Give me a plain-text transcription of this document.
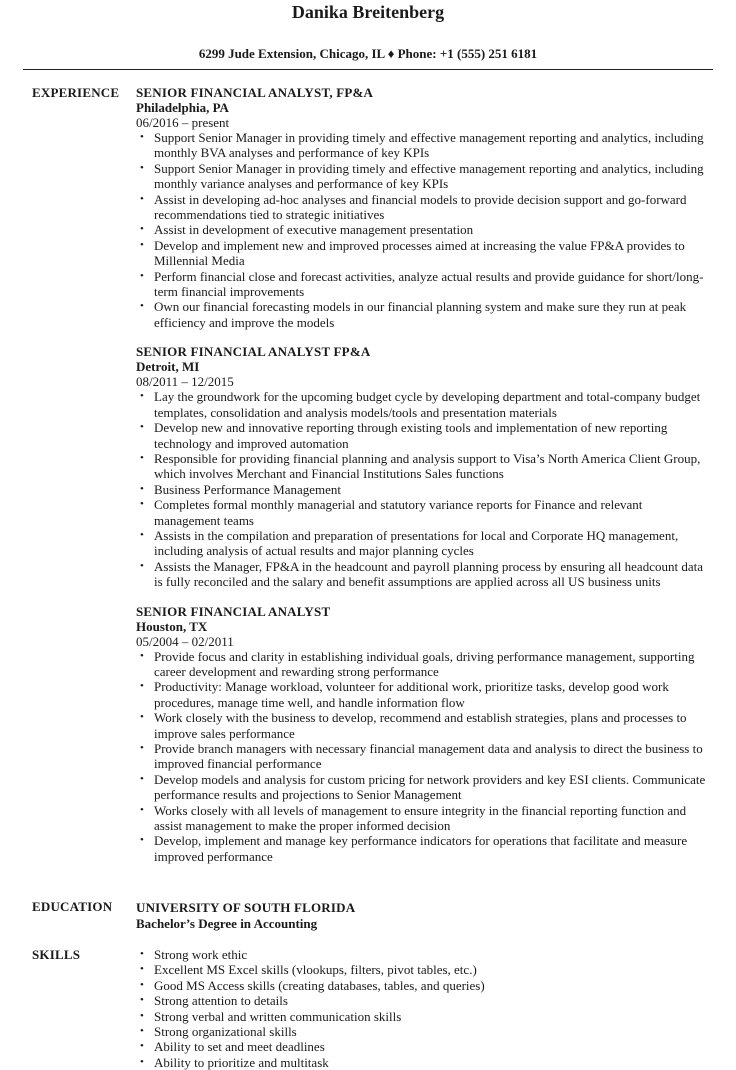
Danika Breitenberg
6299 Jude Extension, Chicago, IL ♦ Phone: +1 (555) 251 6181
EXPERIENCE SENIOR FINANCIAL ANALYST, FP&A
Philadelphia, PA
06/2016 – present
• Support Senior Manager in providing timely and effective management reporting and analytics, including monthly BVA analyses and performance of key KPIs
• Support Senior Manager in providing timely and effective management reporting and analytics, including monthly variance analyses and performance of key KPIs
• Assist in developing ad-hoc analyses and financial models to provide decision support and go-forward recommendations tied to strategic initiatives
• Assist in development of executive management presentation
• Develop and implement new and improved processes aimed at increasing the value FP&A provides to Millennial Media
• Perform financial close and forecast activities, analyze actual results and provide guidance for short/long-term financial improvements
• Own our financial forecasting models in our financial planning system and make sure they run at peak efficiency and improve the models
SENIOR FINANCIAL ANALYST FP&A
Detroit, MI
08/2011 – 12/2015
• Lay the groundwork for the upcoming budget cycle by developing department and total-company budget templates, consolidation and analysis models/tools and presentation materials
• Develop new and innovative reporting through existing tools and implementation of new reporting technology and improved automation
• Responsible for providing financial planning and analysis support to Visa’s North America Client Group, which involves Merchant and Financial Institutions Sales functions
• Business Performance Management
• Completes formal monthly managerial and statutory variance reports for Finance and relevant management teams
• Assists in the compilation and preparation of presentations for local and Corporate HQ management, including analysis of actual results and major planning cycles
• Assists the Manager, FP&A in the headcount and payroll planning process by ensuring all headcount data is fully reconciled and the salary and benefit assumptions are applied across all US business units
SENIOR FINANCIAL ANALYST
Houston, TX
05/2004 – 02/2011
• Provide focus and clarity in establishing individual goals, driving performance management, supporting career development and rewarding strong performance
• Productivity: Manage workload, volunteer for additional work, prioritize tasks, develop good work procedures, manage time well, and handle information flow
• Work closely with the business to develop, recommend and establish strategies, plans and processes to improve sales performance
• Provide branch managers with necessary financial management data and analysis to direct the business to improved financial performance
• Develop models and analysis for custom pricing for network providers and key ESI clients. Communicate performance results and projections to Senior Management
• Works closely with all levels of management to ensure integrity in the financial reporting function and assist management to make the proper informed decision
• Develop, implement and manage key performance indicators for operations that facilitate and measure improved performance
EDUCATION UNIVERSITY OF SOUTH FLORIDA
Bachelor’s Degree in Accounting
SKILLS	• Strong work ethic
• Excellent MS Excel skills (vlookups, filters, pivot tables, etc.)
• Good MS Access skills (creating databases, tables, and queries)
• Strong attention to details
• Strong verbal and written communication skills
• Strong organizational skills
• Ability to set and meet deadlines
• Ability to prioritize and multitask
